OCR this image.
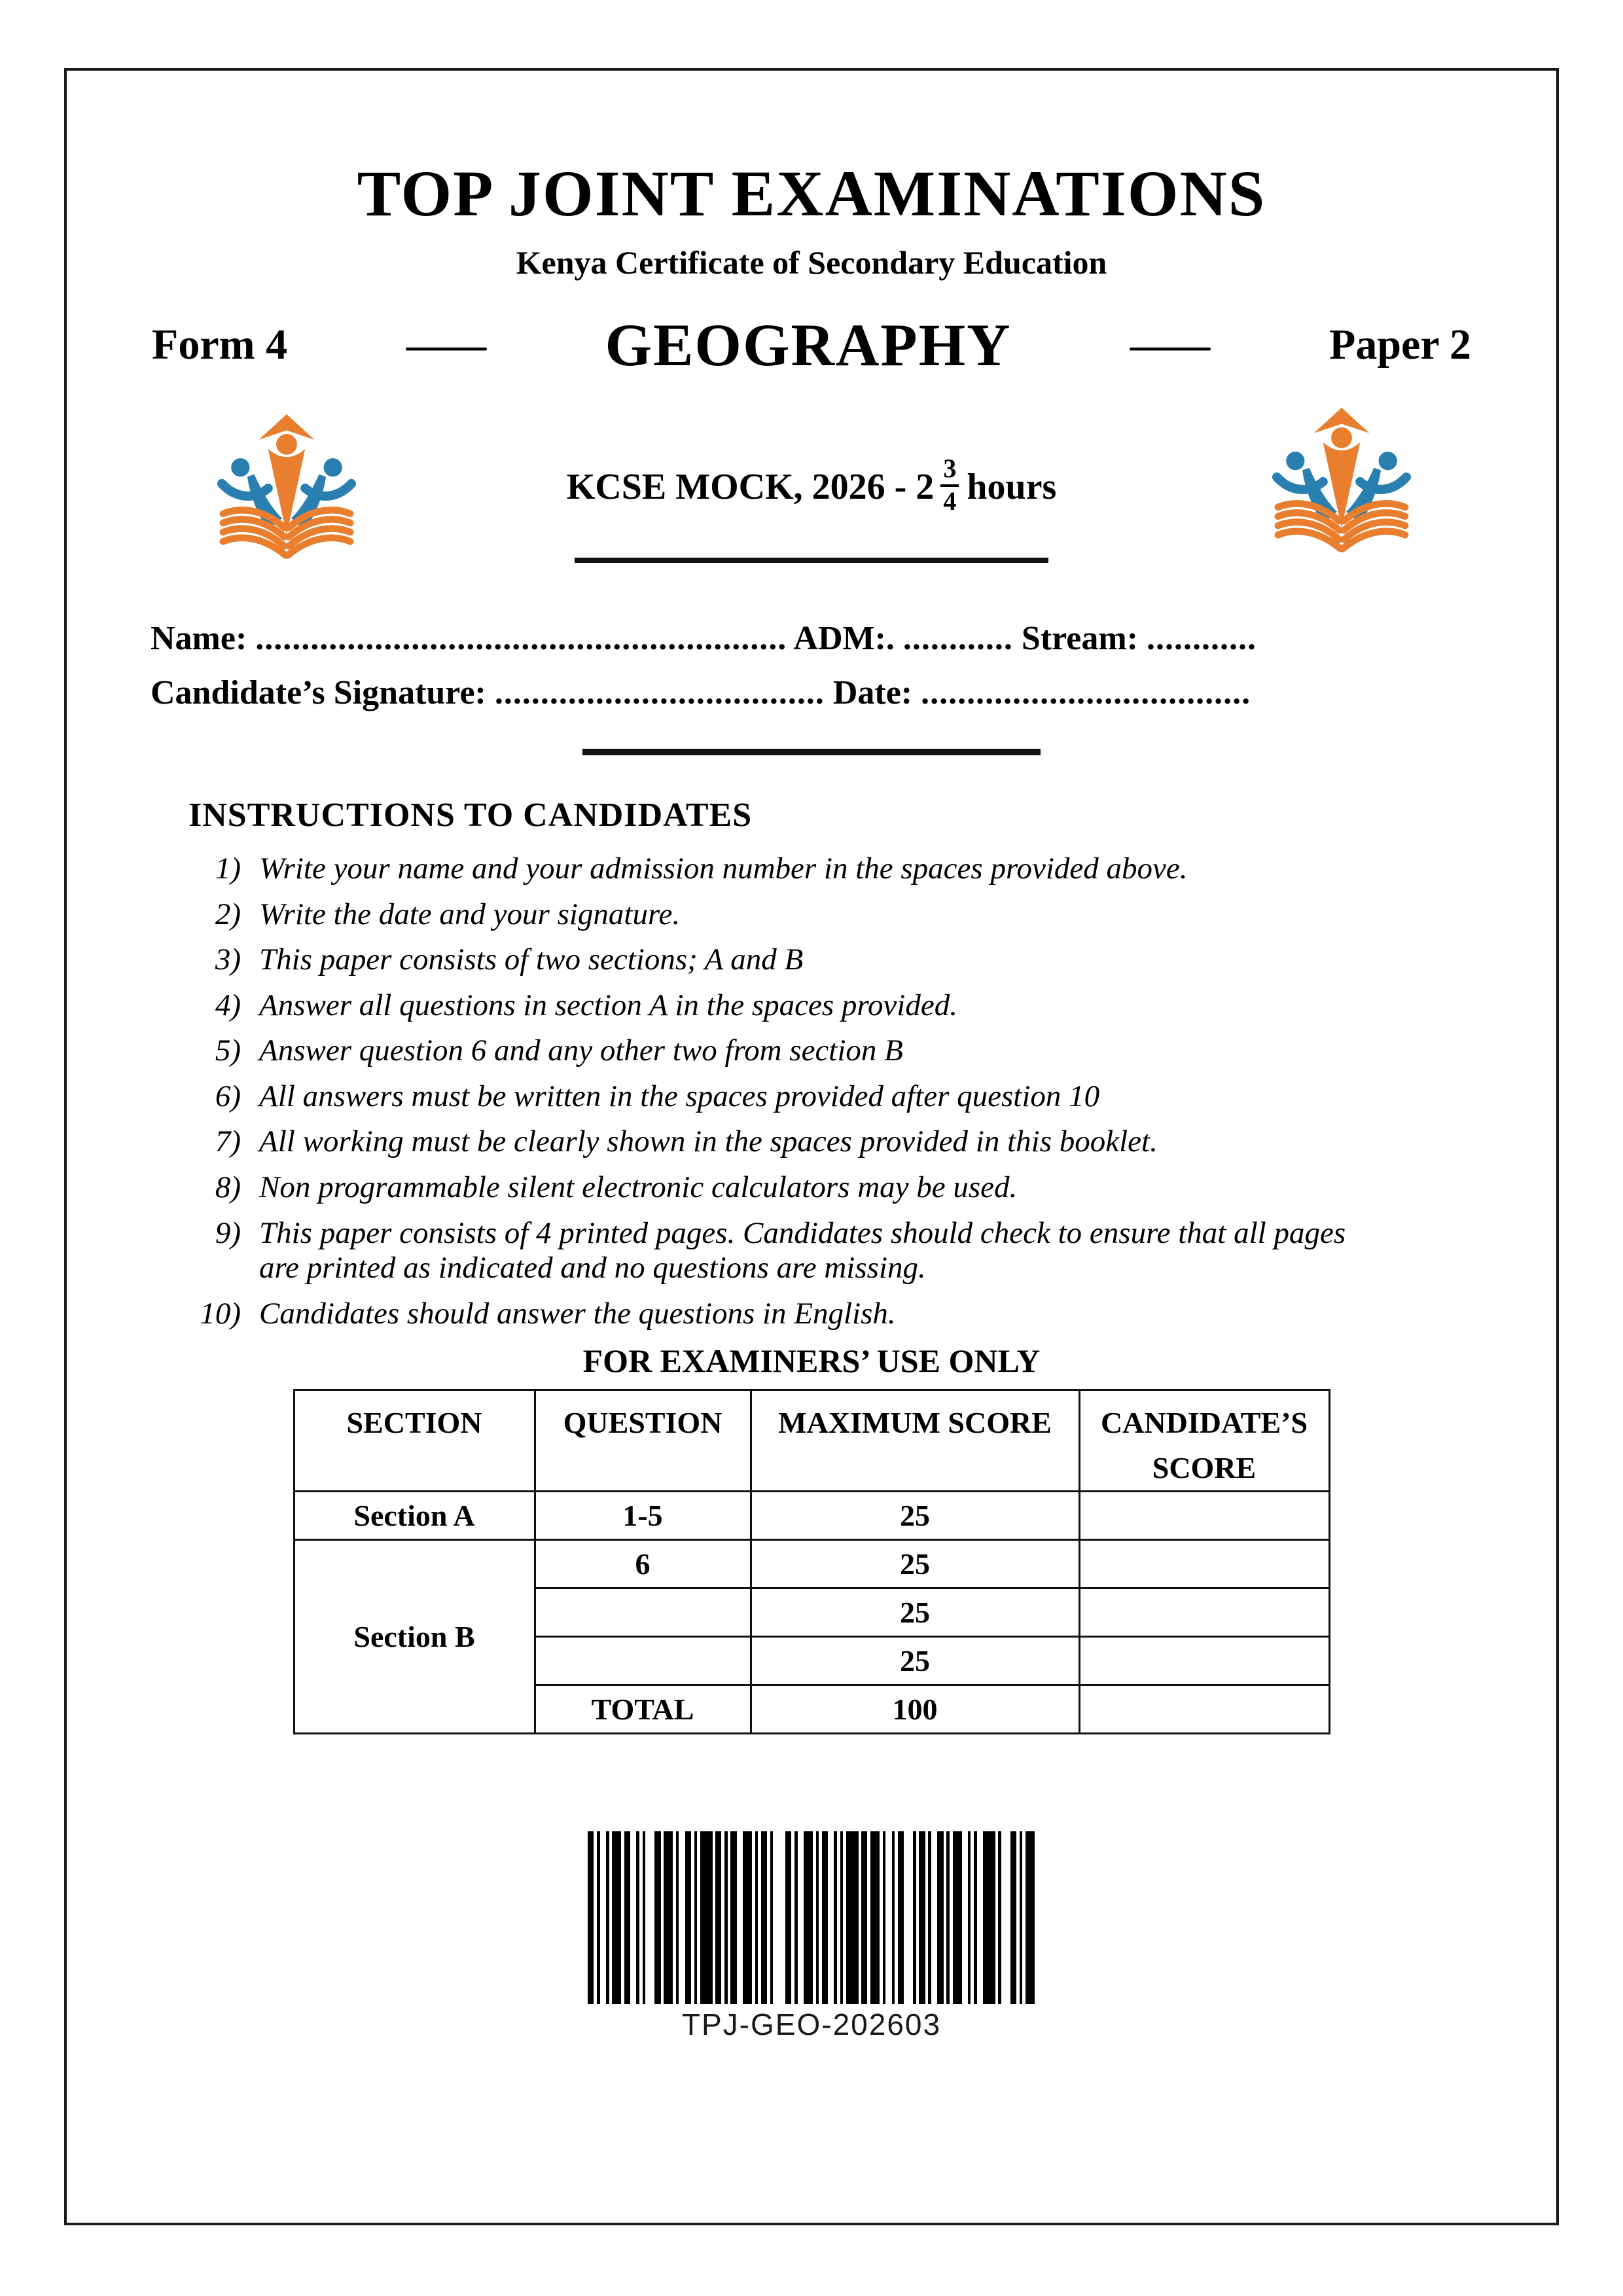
TOP JOINT EXAMINATIONS
Kenya Certificate of Secondary Education
Form 4	— GEOGRAPHY	—	Paper 2
KCSE MOCK, $2026 - 2 \frac{3}{4}$ hours
Name: .......................................................... ADM:. ............ Stream: ............
Candidate’s Signature: .................................... Date: ....................................
INSTRUCTIONS TO CANDIDATES
1) Write your name and your admission number in the spaces provided above.
2) Write the date and your signature.
3) This paper consists of two sections; A and B
4) Answer all questions in section A in the spaces provided.
5) Answer question 6 and any other two from section B
6) All answers must be written in the spaces provided after question 10
7) All working must be clearly shown in the spaces provided in this booklet.
8) Non programmable silent electronic calculators may be used.
9) This paper consists of 4 printed pages. Candidates should check to ensure that all pages are printed as indicated and no questions are missing.
10) Candidates should answer the questions in English.
FOR EXAMINERS’ USE ONLY
SECTION	QUESTION	MAXIMUM SCORE	CANDIDATE’S SCORE
Section A	1-5	25	
Section B	6	25	
		25	
		25	
	TOTAL	100	
TPJ-GEO-202603
